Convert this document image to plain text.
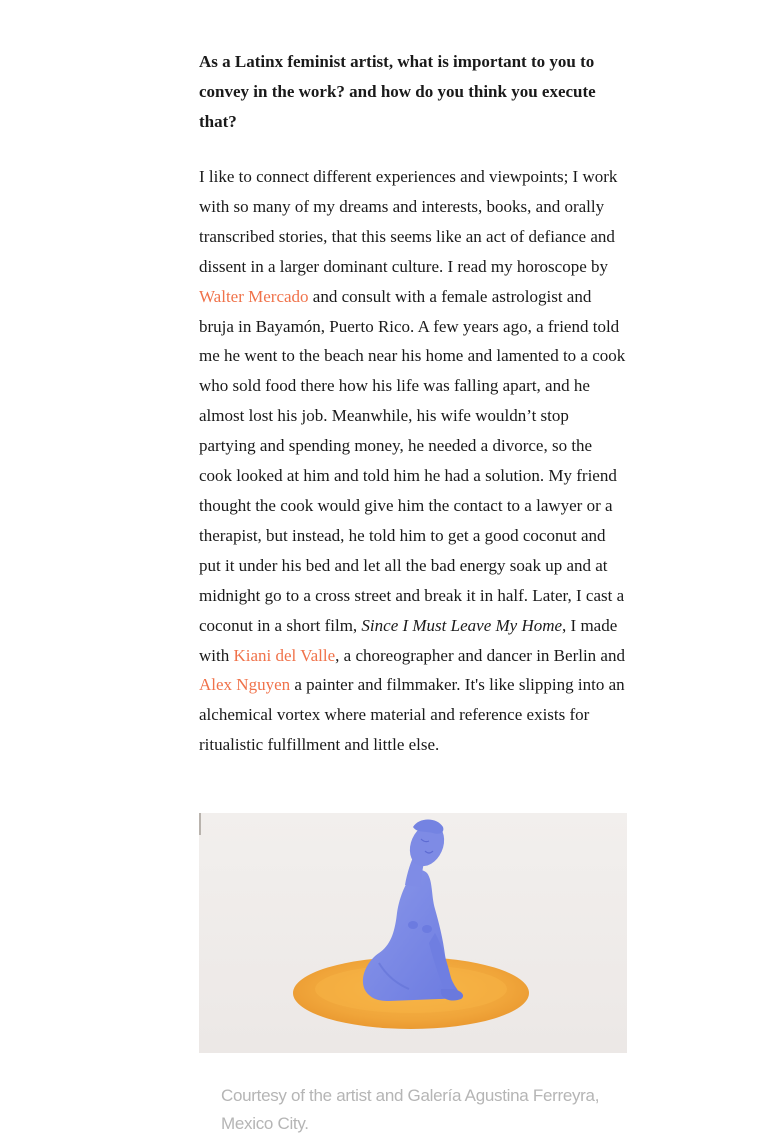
As a Latinx feminist artist, what is important to you to convey in the work? and how do you think you execute that?

I like to connect different experiences and viewpoints; I work with so many of my dreams and interests, books, and orally transcribed stories, that this seems like an act of defiance and dissent in a larger dominant culture. I read my horoscope by Walter Mercado and consult with a female astrologist and bruja in Bayamón, Puerto Rico. A few years ago, a friend told me he went to the beach near his home and lamented to a cook who sold food there how his life was falling apart, and he almost lost his job. Meanwhile, his wife wouldn’t stop partying and spending money, he needed a divorce, so the cook looked at him and told him he had a solution. My friend thought the cook would give him the contact to a lawyer or a therapist, but instead, he told him to get a good coconut and put it under his bed and let all the bad energy soak up and at midnight go to a cross street and break it in half. Later, I cast a coconut in a short film, Since I Must Leave My Home, I made with Kiani del Valle, a choreographer and dancer in Berlin and Alex Nguyen a painter and filmmaker. It's like slipping into an alchemical vortex where material and reference exists for ritualistic fulfillment and little else.

Courtesy of the artist and Galería Agustina Ferreyra, Mexico City.
